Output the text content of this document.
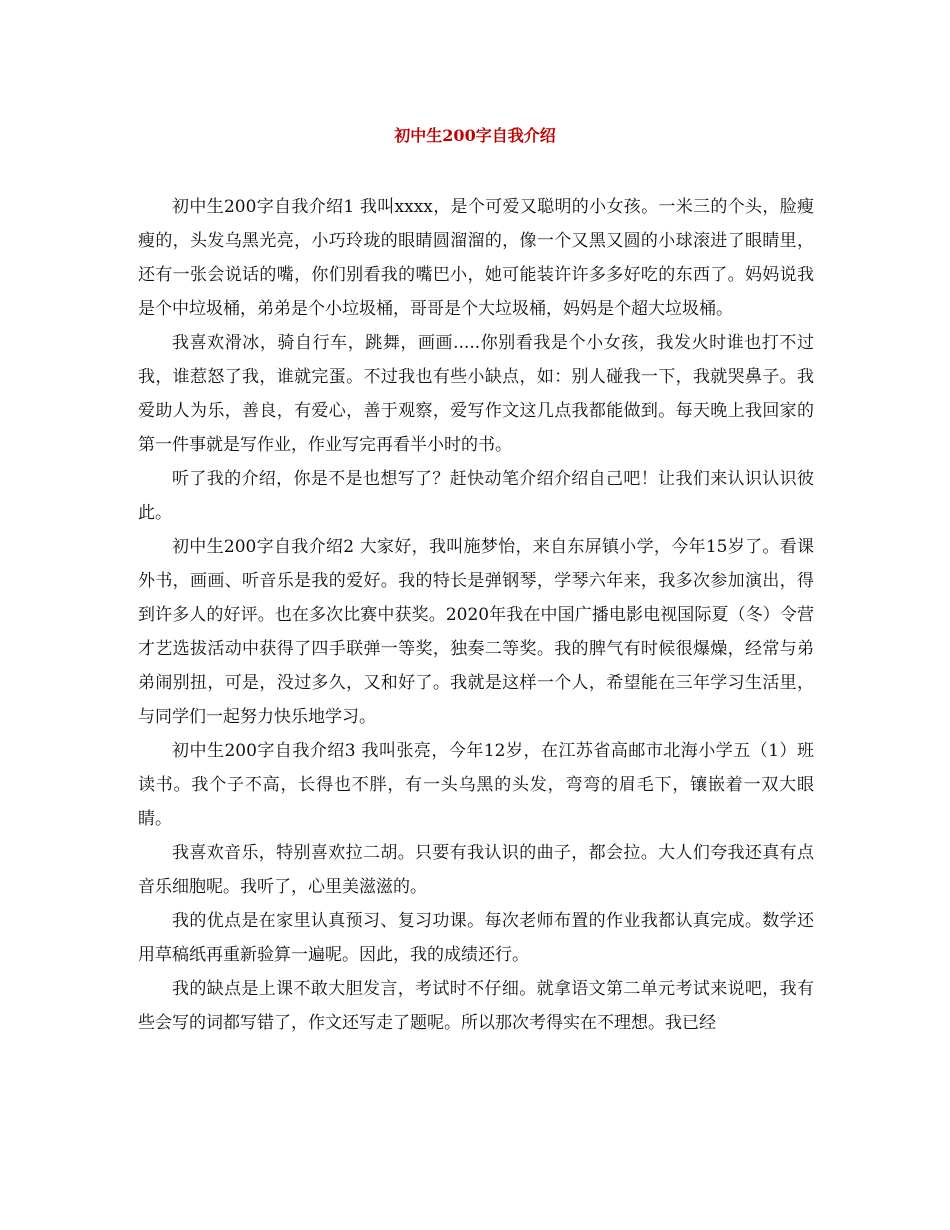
初中生200字自我介绍

初中生200字自我介绍1 我叫xxxx，是个可爱又聪明的小女孩。一米三的个头，脸瘦瘦的，头发乌黑光亮，小巧玲珑的眼睛圆溜溜的，像一个又黑又圆的小球滚进了眼睛里，还有一张会说话的嘴，你们别看我的嘴巴小，她可能装许许多多好吃的东西了。妈妈说我是个中垃圾桶，弟弟是个小垃圾桶，哥哥是个大垃圾桶，妈妈是个超大垃圾桶。

我喜欢滑冰，骑自行车，跳舞，画画.....你别看我是个小女孩，我发火时谁也打不过我，谁惹怒了我，谁就完蛋。不过我也有些小缺点，如：别人碰我一下，我就哭鼻子。我爱助人为乐，善良，有爱心，善于观察，爱写作文这几点我都能做到。每天晚上我回家的第一件事就是写作业，作业写完再看半小时的书。

听了我的介绍，你是不是也想写了？赶快动笔介绍介绍自己吧！让我们来认识认识彼此。

初中生200字自我介绍2 大家好，我叫施梦怡，来自东屏镇小学，今年15岁了。看课外书，画画、听音乐是我的爱好。我的特长是弹钢琴，学琴六年来，我多次参加演出，得到许多人的好评。也在多次比赛中获奖。2020年我在中国广播电影电视国际夏（冬）令营才艺选拔活动中获得了四手联弹一等奖，独奏二等奖。我的脾气有时候很爆燥，经常与弟弟闹别扭，可是，没过多久，又和好了。我就是这样一个人，希望能在三年学习生活里，与同学们一起努力快乐地学习。

初中生200字自我介绍3 我叫张亮，今年12岁，在江苏省高邮市北海小学五（1）班读书。我个子不高，长得也不胖，有一头乌黑的头发，弯弯的眉毛下，镶嵌着一双大眼睛。

我喜欢音乐，特别喜欢拉二胡。只要有我认识的曲子，都会拉。大人们夸我还真有点音乐细胞呢。我听了，心里美滋滋的。

我的优点是在家里认真预习、复习功课。每次老师布置的作业我都认真完成。数学还用草稿纸再重新验算一遍呢。因此，我的成绩还行。

我的缺点是上课不敢大胆发言，考试时不仔细。就拿语文第二单元考试来说吧，我有些会写的词都写错了，作文还写走了题呢。所以那次考得实在不理想。我已经
